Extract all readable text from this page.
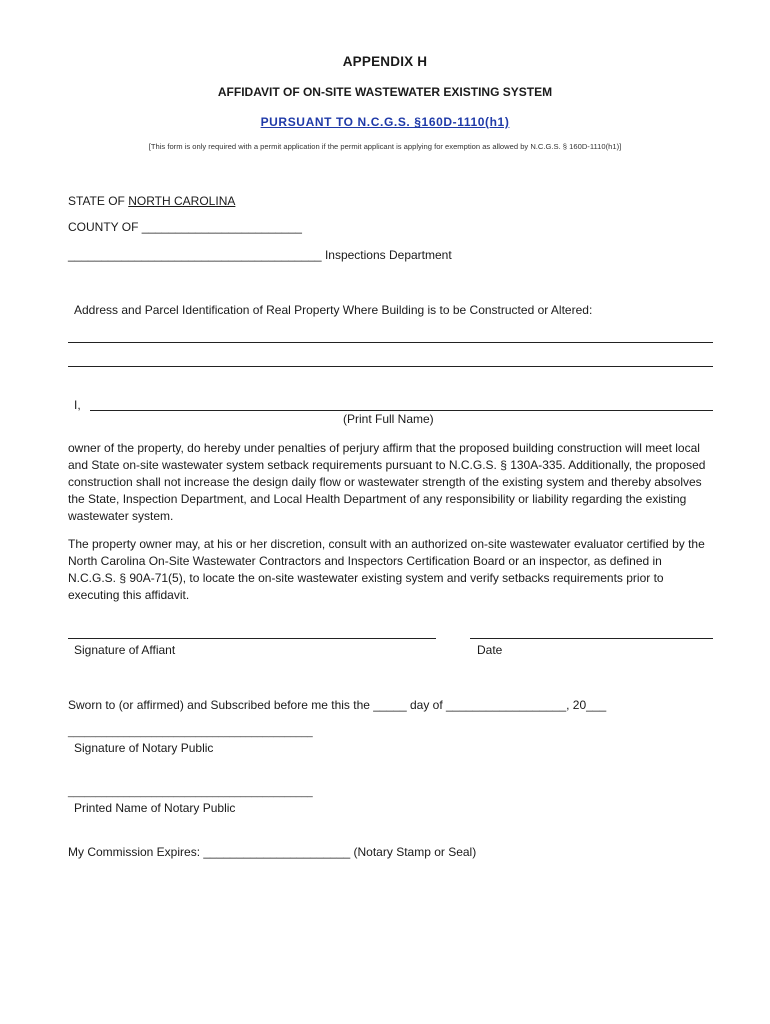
APPENDIX H
AFFIDAVIT OF ON-SITE WASTEWATER EXISTING SYSTEM
PURSUANT TO N.C.G.S. §160D-1110(h1)
[This form is only required with a permit application if the permit applicant is applying for exemption as allowed by N.C.G.S. § 160D-1110(h1)]
STATE OF NORTH CAROLINA
COUNTY OF ________________________
______________________________________ Inspections Department
Address and Parcel Identification of Real Property Where Building is to be Constructed or Altered:
I,
(Print Full Name)
owner of the property, do hereby under penalties of perjury affirm that the proposed building construction will meet local and State on-site wastewater system setback requirements pursuant to N.C.G.S. § 130A-335. Additionally, the proposed construction shall not increase the design daily flow or wastewater strength of the existing system and thereby absolves the State, Inspection Department, and Local Health Department of any responsibility or liability regarding the existing wastewater system.
The property owner may, at his or her discretion, consult with an authorized on-site wastewater evaluator certified by the North Carolina On-Site Wastewater Contractors and Inspectors Certification Board or an inspector, as defined in N.C.G.S. § 90A-71(5), to locate the on-site wastewater existing system and verify setbacks requirements prior to executing this affidavit.
Signature of Affiant	Date
Sworn to (or affirmed) and Subscribed before me this the _____ day of __________________, 20___
____________________________________________
Signature of Notary Public
____________________________________________
Printed Name of Notary Public
My Commission Expires: ______________________ (Notary Stamp or Seal)
